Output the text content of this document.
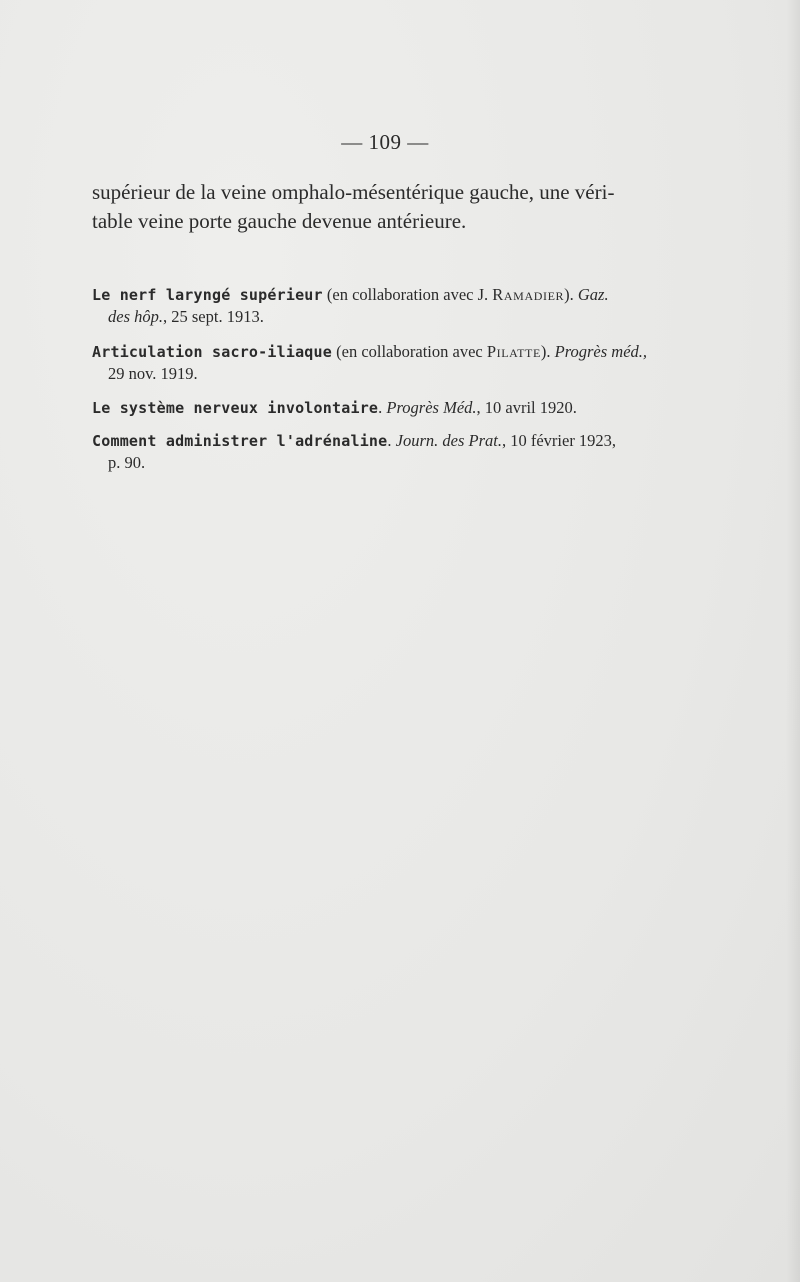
— 109 —
supérieur de la veine omphalo-mésentérique gauche, une véri-
table veine porte gauche devenue antérieure.
Le nerf laryngé supérieur (en collaboration avec J. Ramadier). Gaz.
des hôp., 25 sept. 1913.
Articulation sacro-iliaque (en collaboration avec Pilatte). Progrès méd.,
29 nov. 1919.
Le système nerveux involontaire. Progrès Méd., 10 avril 1920.
Comment administrer l'adrénaline. Journ. des Prat., 10 février 1923,
p. 90.
